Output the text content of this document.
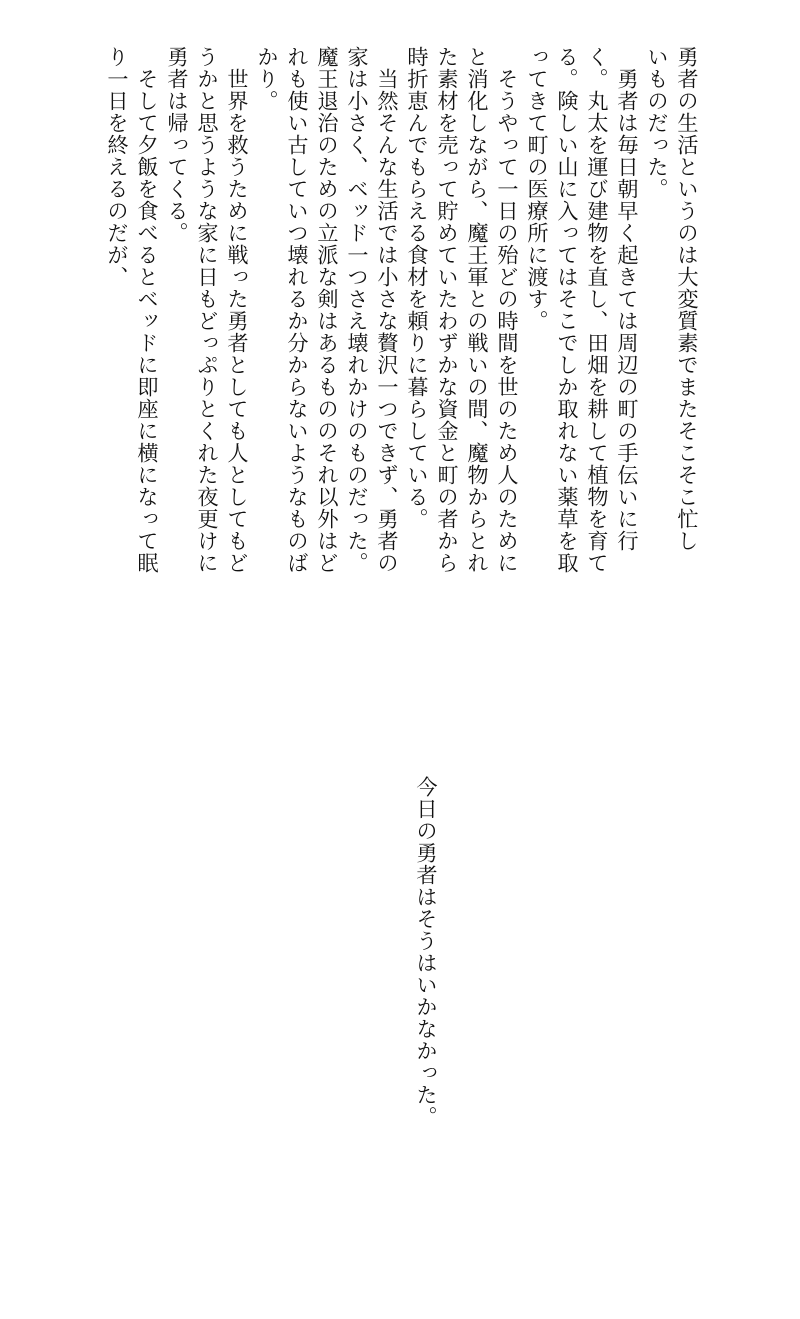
勇者の生活というのは大変質素でまたそこそこ忙し
いものだった。
勇者は毎日朝早く起きては周辺の町の手伝いに行
く。丸太を運び建物を直し、田畑を耕して植物を育て
る。険しい山に入ってはそこでしか取れない薬草を取
ってきて町の医療所に渡す。
そうやって一日の殆どの時間を世のため人のために
と消化しながら、魔王軍との戦いの間、魔物からとれ
た素材を売って貯めていたわずかな資金と町の者から
時折恵んでもらえる食材を頼りに暮らしている。
当然そんな生活では小さな贅沢一つできず、勇者の
家は小さく、ベッド一つさえ壊れかけのものだった。
魔王退治のための立派な剣はあるもののそれ以外はど
れも使い古していつ壊れるか分からないようなものば
かり。
世界を救うために戦った勇者としても人としてもど
うかと思うような家に日もどっぷりとくれた夜更けに
勇者は帰ってくる。
そして夕飯を食べるとベッドに即座に横になって眠
り一日を終えるのだが、
今日の勇者はそうはいかなかった。
